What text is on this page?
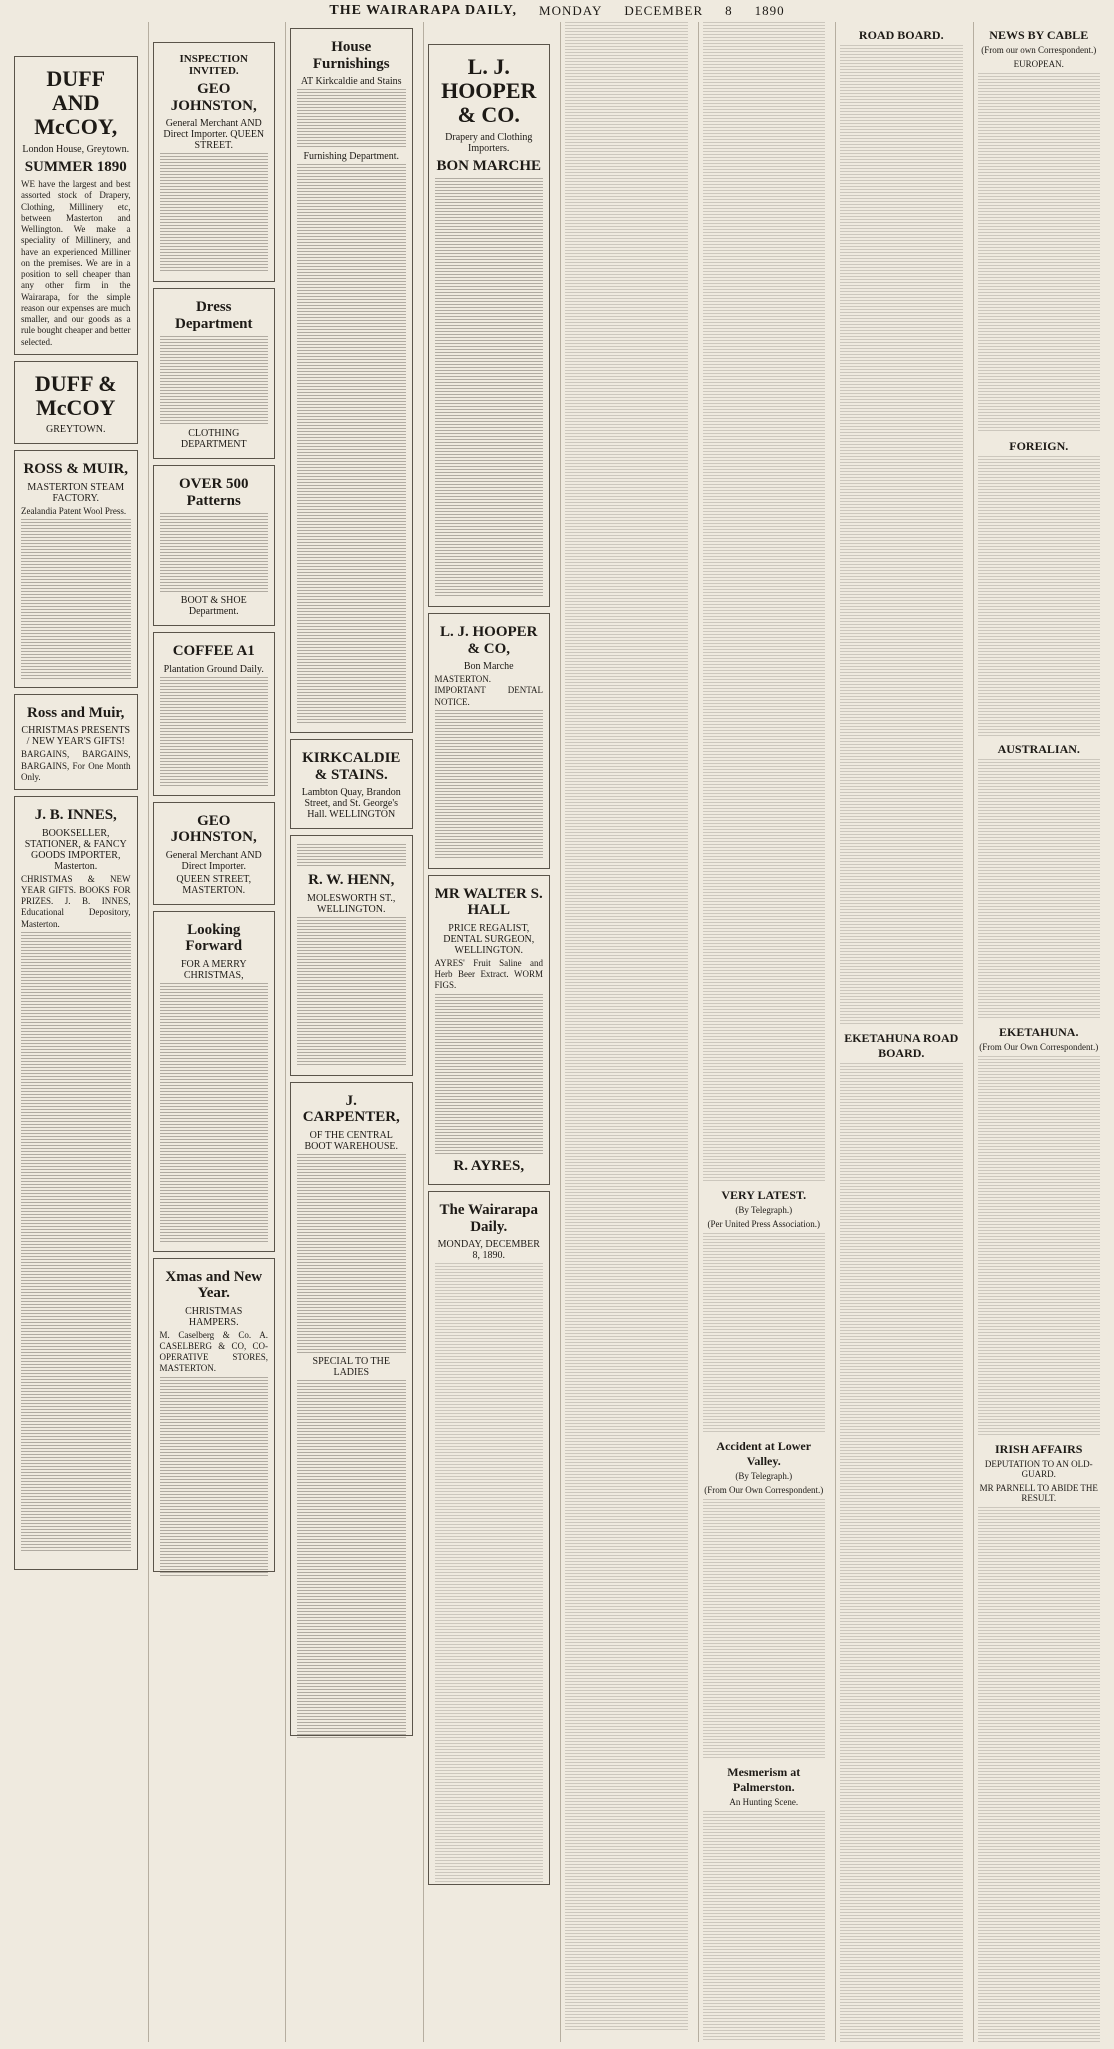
THE WAIRARAPA DAILY, MONDAY DECEMBER 8 1890
DUFF AND McCOY,
London House, Greytown.
SUMMER 1890
WE have the largest and best assorted stock of Drapery, Clothing, Millinery etc, between Masterton and Wellington. We make a speciality of Millinery, and have an experienced Milliner on the premises. We are in a position to sell cheaper than any other firm in the Wairarapa, for the simple reason our expenses are much smaller, and our goods as a rule bought cheaper and better selected.
DUFF & McCOY
GREYTOWN.
ROSS & MUIR,
MASTERTON STEAM FACTORY.
Zealandia Patent Wool Press.
Ross and Muir,
CHRISTMAS PRESENTS / NEW YEAR'S GIFTS!
BARGAINS, BARGAINS, BARGAINS, For One Month Only.
J. B. INNES,
BOOKSELLER, STATIONER, & FANCY GOODS IMPORTER, Masterton.
CHRISTMAS & NEW YEAR GIFTS. BOOKS FOR PRIZES. J. B. INNES, Educational Depository, Masterton.
INSPECTION INVITED.
GEO JOHNSTON,
General Merchant AND Direct Importer. QUEEN STREET.
Dress Department
CLOTHING DEPARTMENT
OVER 500 Patterns
BOOT & SHOE Department.
COFFEE A1
Plantation Ground Daily.
GEO JOHNSTON,
General Merchant AND Direct Importer.
QUEEN STREET, MASTERTON.
Looking Forward
FOR A MERRY CHRISTMAS,
Xmas and New Year.
CHRISTMAS HAMPERS.
M. Caselberg & Co. A. CASELBERG & CO, CO-OPERATIVE STORES, MASTERTON.
House Furnishings
AT Kirkcaldie and Stains
Furnishing Department.
KIRKCALDIE & STAINS.
Lambton Quay, Brandon Street, and St. George's Hall. WELLINGTON
R. W. HENN,
MOLESWORTH ST., WELLINGTON.
J. CARPENTER,
OF THE CENTRAL BOOT WAREHOUSE.
SPECIAL TO THE LADIES
L. J. HOOPER & CO.
Drapery and Clothing Importers.
BON MARCHE
L. J. HOOPER & CO,
Bon Marche
MASTERTON. IMPORTANT DENTAL NOTICE.
MR WALTER S. HALL
PRICE REGALIST, DENTAL SURGEON, WELLINGTON.
AYRES' Fruit Saline and Herb Beer Extract. WORM FIGS.
R. AYRES,
The Wairarapa Daily.
MONDAY, DECEMBER 8, 1890.
VERY LATEST.
(By Telegraph.)
(Per United Press Association.)
Accident at Lower Valley.
(By Telegraph.)
(From Our Own Correspondent.)
Mesmerism at Palmerston.
An Hunting Scene.
ROAD BOARD.
EKETAHUNA ROAD BOARD.
NEWS BY CABLE
(From our own Correspondent.)
EUROPEAN.
FOREIGN.
AUSTRALIAN.
EKETAHUNA.
(From Our Own Correspondent.)
IRISH AFFAIRS
DEPUTATION TO AN OLD-GUARD.
MR PARNELL TO ABIDE THE RESULT.
